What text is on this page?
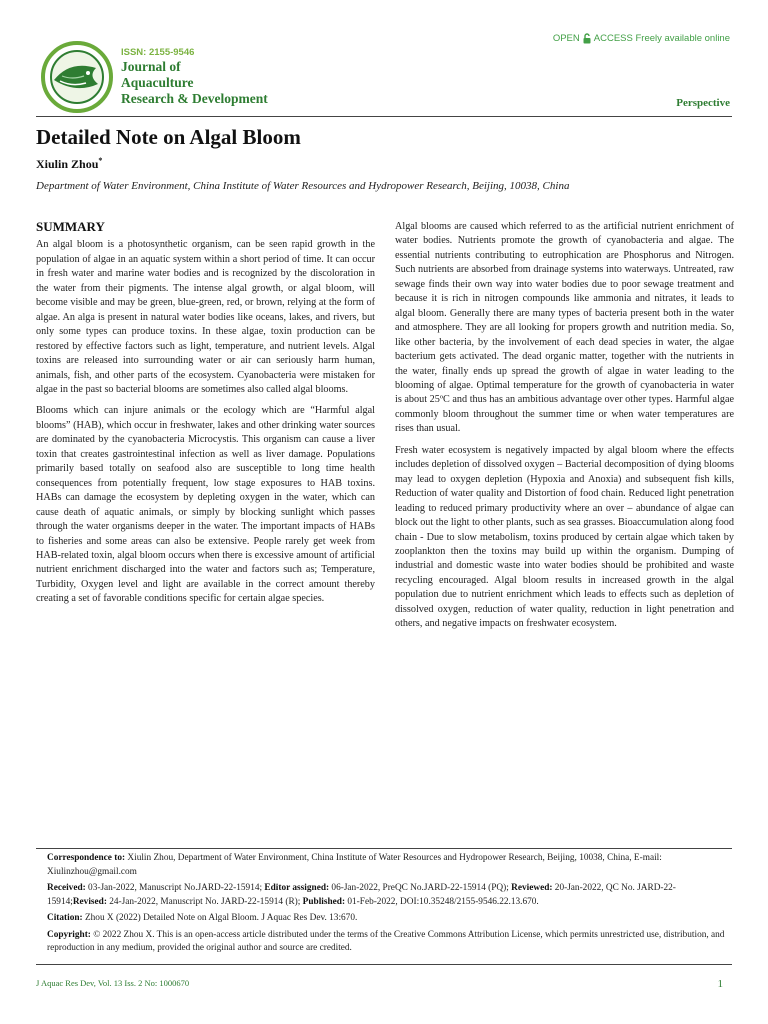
ISSN: 2155-9546
Journal of
Aquaculture
Research & Development
OPEN ACCESS Freely available online
Perspective
Detailed Note on Algal Bloom
Xiulin Zhou*
Department of Water Environment, China Institute of Water Resources and Hydropower Research, Beijing, 10038, China
SUMMARY

An algal bloom is a photosynthetic organism, can be seen rapid growth in the population of algae in an aquatic system within a short period of time. It can occur in fresh water and marine water bodies and is recognized by the discoloration in the water from their pigments. The intense algal growth, or algal bloom, will become visible and may be green, blue-green, red, or brown, relying at the form of algae. An alga is present in natural water bodies like oceans, lakes, and rivers, but only some types can produce toxins. In these algae, toxin production can be restored by effective factors such as light, temperature, and nutrient levels. Algal toxins are released into surrounding water or air can seriously harm human, animals, fish, and other parts of the ecosystem. Cyanobacteria were mistaken for algae in the past so bacterial blooms are sometimes also called algal blooms.

Blooms which can injure animals or the ecology which are “Harmful algal blooms” (HAB), which occur in freshwater, lakes and other drinking water sources are dominated by the cyanobacteria Microcystis. This organism can cause a liver toxin that creates gastrointestinal infection as well as liver damage. Populations primarily based totally on seafood also are susceptible to long time health consequences from potentially frequent, low stage exposures to HAB toxins. HABs can damage the ecosystem by depleting oxygen in the water, which can cause death of aquatic animals, or simply by blocking sunlight which passes through the water organisms deeper in the water. The important impacts of HABs to fisheries and some areas can also be extensive. People rarely get week from HAB-related toxin, algal bloom occurs when there is excessive amount of artificial nutrient enrichment discharged into the water and factors such as; Temperature, Turbidity, Oxygen level and light are available in the correct amount thereby creating a set of favorable conditions specific for certain algae species.

Algal blooms are caused which referred to as the artificial nutrient enrichment of water bodies. Nutrients promote the growth of cyanobacteria and algae. The essential nutrients contributing to eutrophication are Phosphorus and Nitrogen. Such nutrients are absorbed from drainage systems into waterways. Untreated, raw sewage finds their own way into water bodies due to poor sewage treatment and because it is rich in nitrogen compounds like ammonia and nitrates, it leads to algal bloom. Generally there are many types of bacteria present both in the water and atmosphere. They are all looking for propers growth and nutrition media. So, like other bacteria, by the involvement of each dead species in water, the algae bacterium gets activated. The dead organic matter, together with the nutrients in the water, finally ends up spread the growth of algae in water leading to the blooming of algae. Optimal temperature for the growth of cyanobacteria in water is about 25ºC and thus has an ambitious advantage over other types. Harmful algae commonly bloom throughout the summer time or when water temperatures are rises than usual.

Fresh water ecosystem is negatively impacted by algal bloom where the effects includes depletion of dissolved oxygen – Bacterial decomposition of dying blooms may lead to oxygen depletion (Hypoxia and Anoxia) and subsequent fish kills, Reduction of water quality and Distortion of food chain. Reduced light penetration leading to reduced primary productivity where an over – abundance of algae can block out the light to other plants, such as sea grasses. Bioaccumulation along food chain - Due to slow metabolism, toxins produced by certain algae which taken by zooplankton then the toxins may build up within the organism. Dumping of industrial and domestic waste into water bodies should be prohibited and waste recycling encouraged. Algal bloom results in increased growth in the algal population due to nutrient enrichment which leads to effects such as depletion of dissolved oxygen, reduction of water quality, reduction in light penetration and others, and negative impacts on freshwater ecosystem.

Correspondence to: Xiulin Zhou, Department of Water Environment, China Institute of Water Resources and Hydropower Research, Beijing, 10038, China, E-mail: Xiulinzhou@gmail.com

Received: 03-Jan-2022, Manuscript No.JARD-22-15914; Editor assigned: 06-Jan-2022, PreQC No.JARD-22-15914 (PQ); Reviewed: 20-Jan-2022, QC No. JARD-22-15914;Revised: 24-Jan-2022, Manuscript No. JARD-22-15914 (R); Published: 01-Feb-2022, DOI:10.35248/2155-9546.22.13.670.

Citation: Zhou X (2022) Detailed Note on Algal Bloom. J Aquac Res Dev. 13:670.

Copyright: © 2022 Zhou X. This is an open-access article distributed under the terms of the Creative Commons Attribution License, which permits unrestricted use, distribution, and reproduction in any medium, provided the original author and source are credited.

J Aquac Res Dev, Vol. 13 Iss. 2 No: 1000670	1
